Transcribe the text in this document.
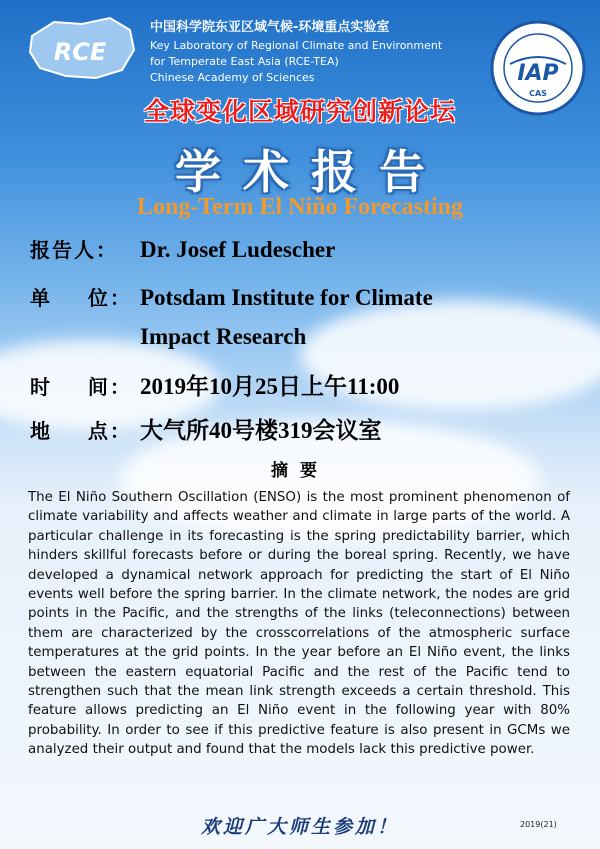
RCE
中国科学院东亚区域气候-环境重点实验室
Key Laboratory of Regional Climate and Environment
for Temperate East Asia (RCE-TEA)
Chinese Academy of Sciences	IAP
CAS
全球变化区域研究创新论坛
学术报告
Long-Term El Niño Forecasting
报告人： Dr. Josef Ludescher
单    位： Potsdam Institute for Climate
Impact Research
时    间： 2019年10月25日上午11:00
地    点： 大气所40号楼319会议室
摘要

The El Niño Southern Oscillation (ENSO) is the most prominent phenomenon of climate variability and affects weather and climate in large parts of the world. A particular challenge in its forecasting is the spring predictability barrier, which hinders skillful forecasts before or during the boreal spring. Recently, we have developed a dynamical network approach for predicting the start of El Niño events well before the spring barrier. In the climate network, the nodes are grid points in the Pacific, and the strengths of the links (teleconnections) between them are characterized by the crosscorrelations of the atmospheric surface temperatures at the grid points. In the year before an El Niño event, the links between the eastern equatorial Pacific and the rest of the Pacific tend to strengthen such that the mean link strength exceeds a certain threshold. This feature allows predicting an El Niño event in the following year with 80% probability. In order to see if this predictive feature is also present in GCMs we analyzed their output and found that the models lack this predictive power.

欢迎广大师生参加！	2019(21)
